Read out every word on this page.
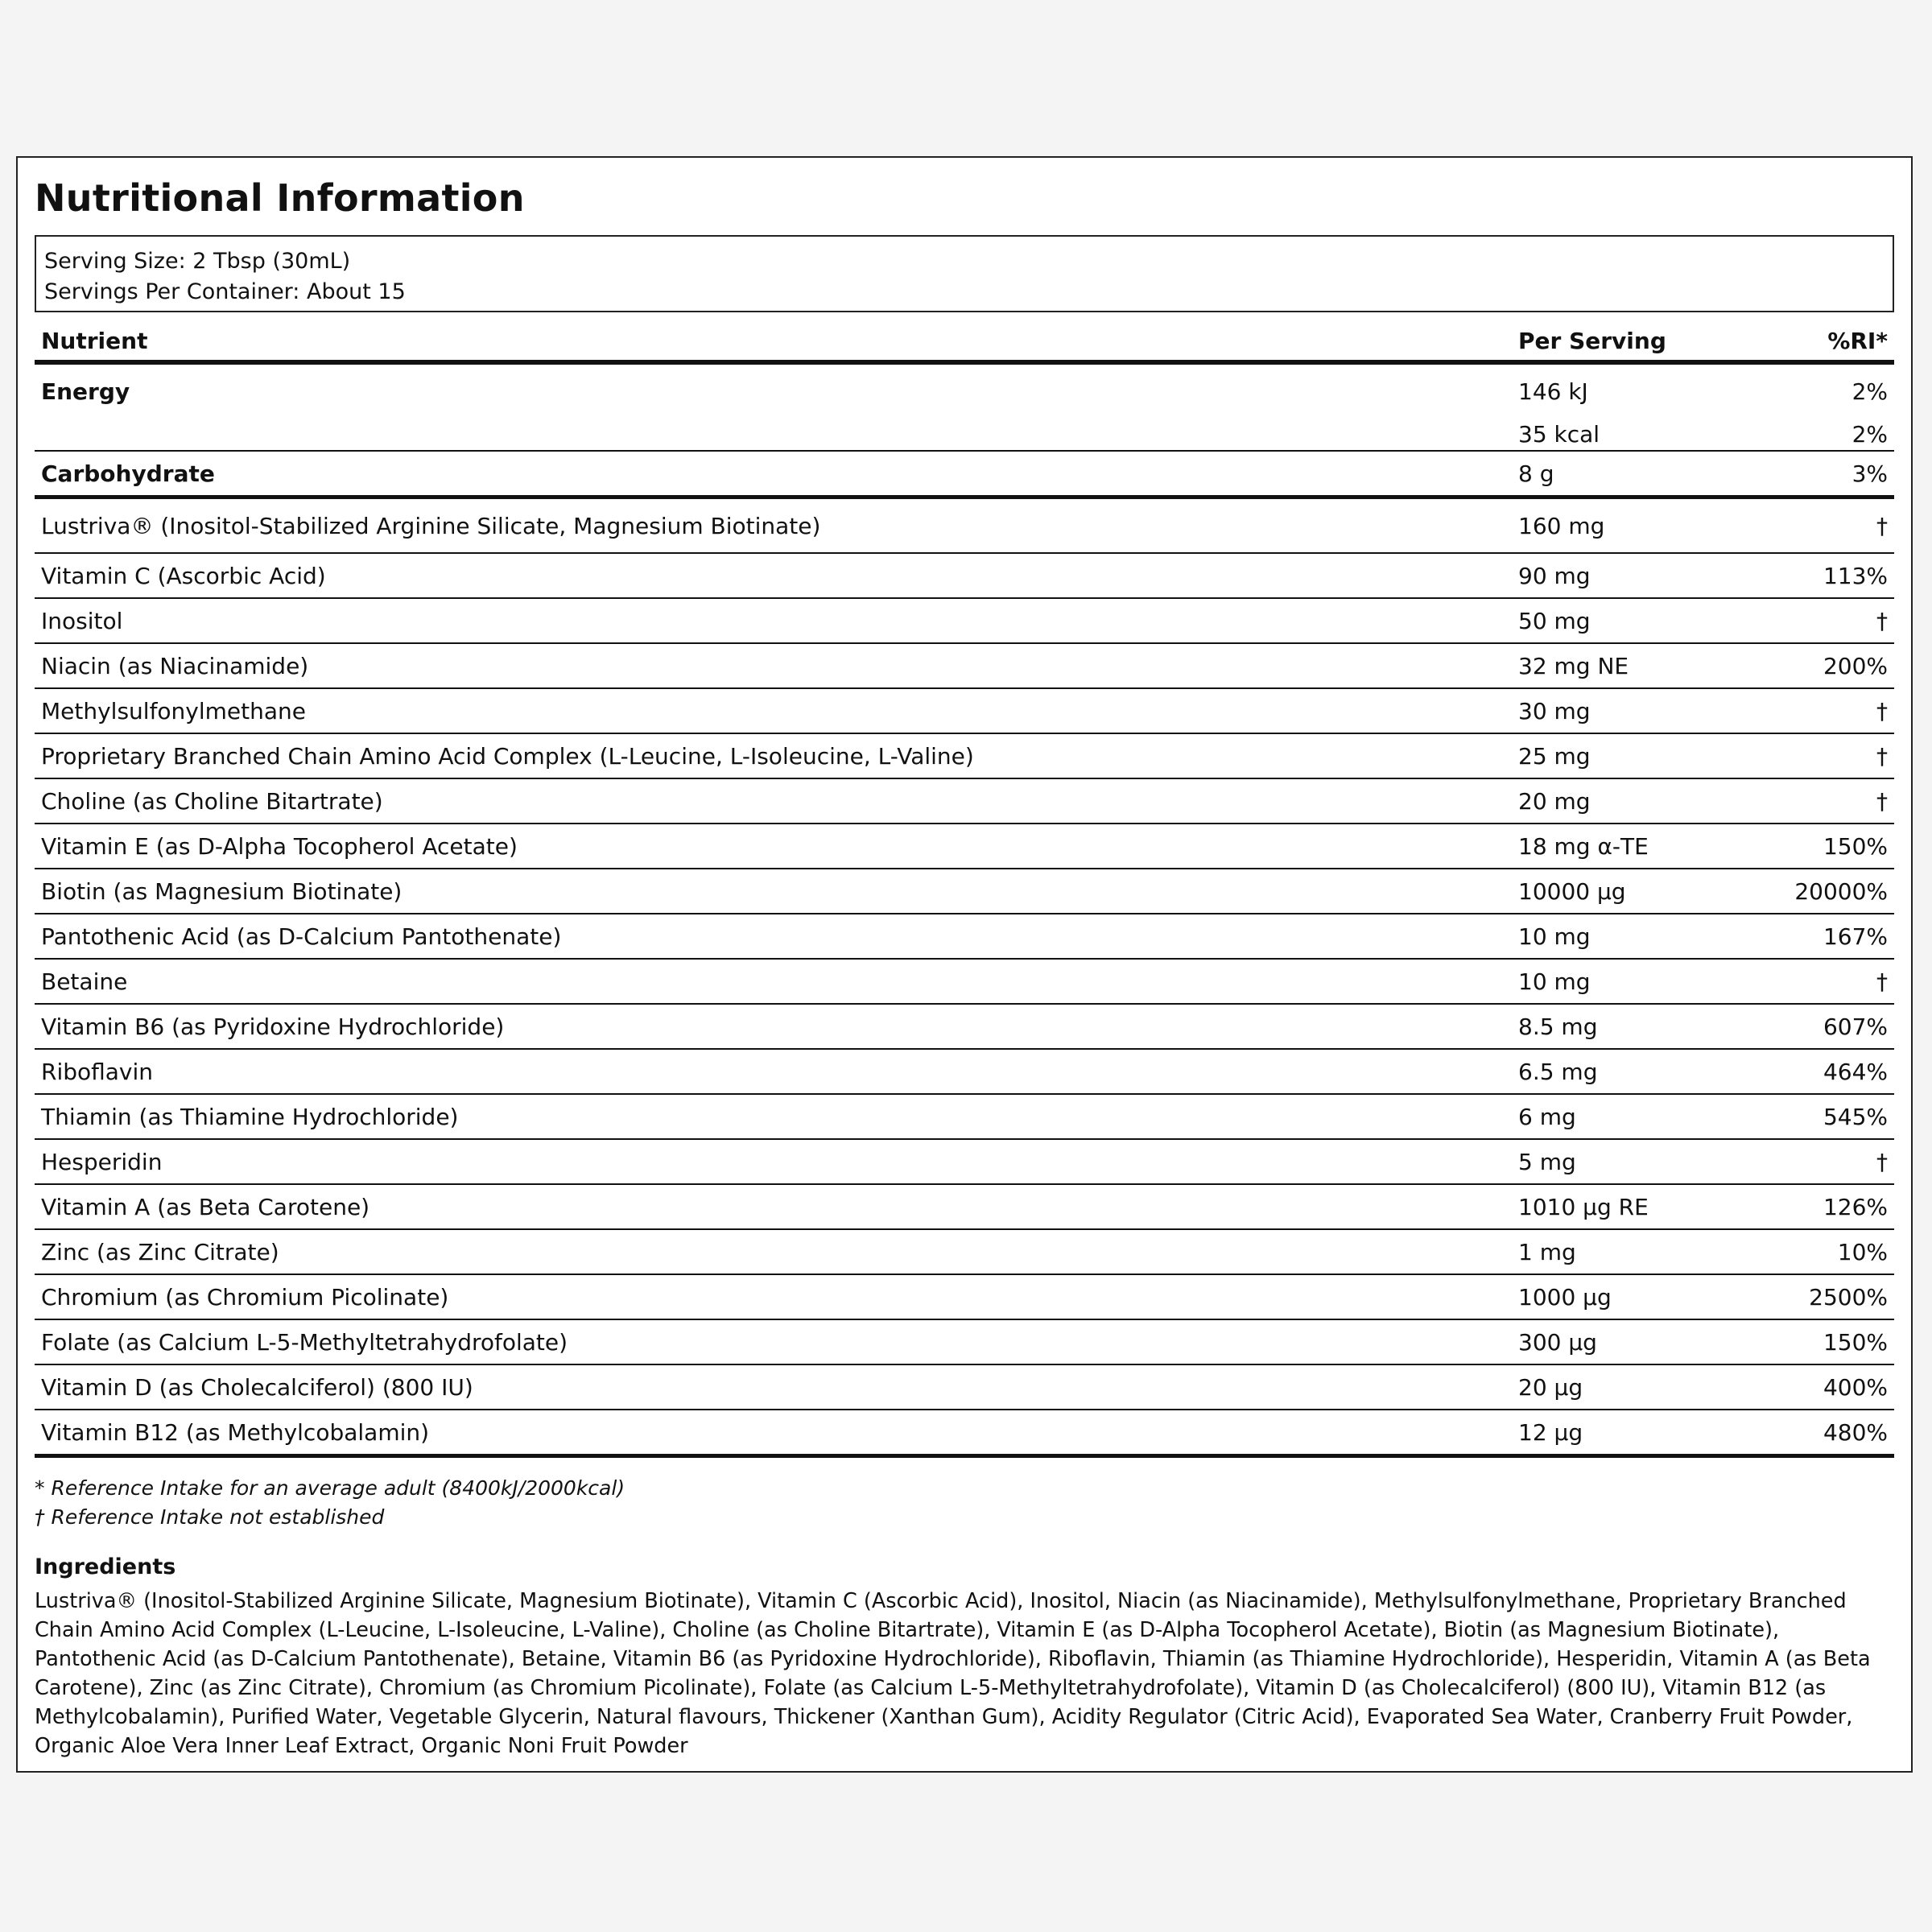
Nutritional Information
Serving Size: 2 Tbsp (30mL)
Servings Per Container: About 15
Nutrient	Per Serving	%RI*
Energy	146 kJ	2%
	35 kcal	2%
Carbohydrate	8 g	3%
Lustriva® (Inositol-Stabilized Arginine Silicate, Magnesium Biotinate)	160 mg	†
Vitamin C (Ascorbic Acid)	90 mg	113%
Inositol	50 mg	†
Niacin (as Niacinamide)	32 mg NE	200%
Methylsulfonylmethane	30 mg	†
Proprietary Branched Chain Amino Acid Complex (L-Leucine, L-Isoleucine, L-Valine)	25 mg	†
Choline (as Choline Bitartrate)	20 mg	†
Vitamin E (as D-Alpha Tocopherol Acetate)	18 mg α-TE	150%
Biotin (as Magnesium Biotinate)	10000 µg	20000%
Pantothenic Acid (as D-Calcium Pantothenate)	10 mg	167%
Betaine	10 mg	†
Vitamin B6 (as Pyridoxine Hydrochloride)	8.5 mg	607%
Riboflavin	6.5 mg	464%
Thiamin (as Thiamine Hydrochloride)	6 mg	545%
Hesperidin	5 mg	†
Vitamin A (as Beta Carotene)	1010 µg RE	126%
Zinc (as Zinc Citrate)	1 mg	10%
Chromium (as Chromium Picolinate)	1000 µg	2500%
Folate (as Calcium L-5-Methyltetrahydrofolate)	300 µg	150%
Vitamin D (as Cholecalciferol) (800 IU)	20 µg	400%
Vitamin B12 (as Methylcobalamin)	12 µg	480%
* Reference Intake for an average adult (8400kJ/2000kcal)
† Reference Intake not established
Ingredients
Lustriva® (Inositol-Stabilized Arginine Silicate, Magnesium Biotinate), Vitamin C (Ascorbic Acid), Inositol, Niacin (as Niacinamide), Methylsulfonylmethane, Proprietary Branched Chain Amino Acid Complex (L-Leucine, L-Isoleucine, L-Valine), Choline (as Choline Bitartrate), Vitamin E (as D-Alpha Tocopherol Acetate), Biotin (as Magnesium Biotinate), Pantothenic Acid (as D-Calcium Pantothenate), Betaine, Vitamin B6 (as Pyridoxine Hydrochloride), Riboflavin, Thiamin (as Thiamine Hydrochloride), Hesperidin, Vitamin A (as Beta Carotene), Zinc (as Zinc Citrate), Chromium (as Chromium Picolinate), Folate (as Calcium L-5-Methyltetrahydrofolate), Vitamin D (as Cholecalciferol) (800 IU), Vitamin B12 (as Methylcobalamin), Purified Water, Vegetable Glycerin, Natural flavours, Thickener (Xanthan Gum), Acidity Regulator (Citric Acid), Evaporated Sea Water, Cranberry Fruit Powder, Organic Aloe Vera Inner Leaf Extract, Organic Noni Fruit Powder
